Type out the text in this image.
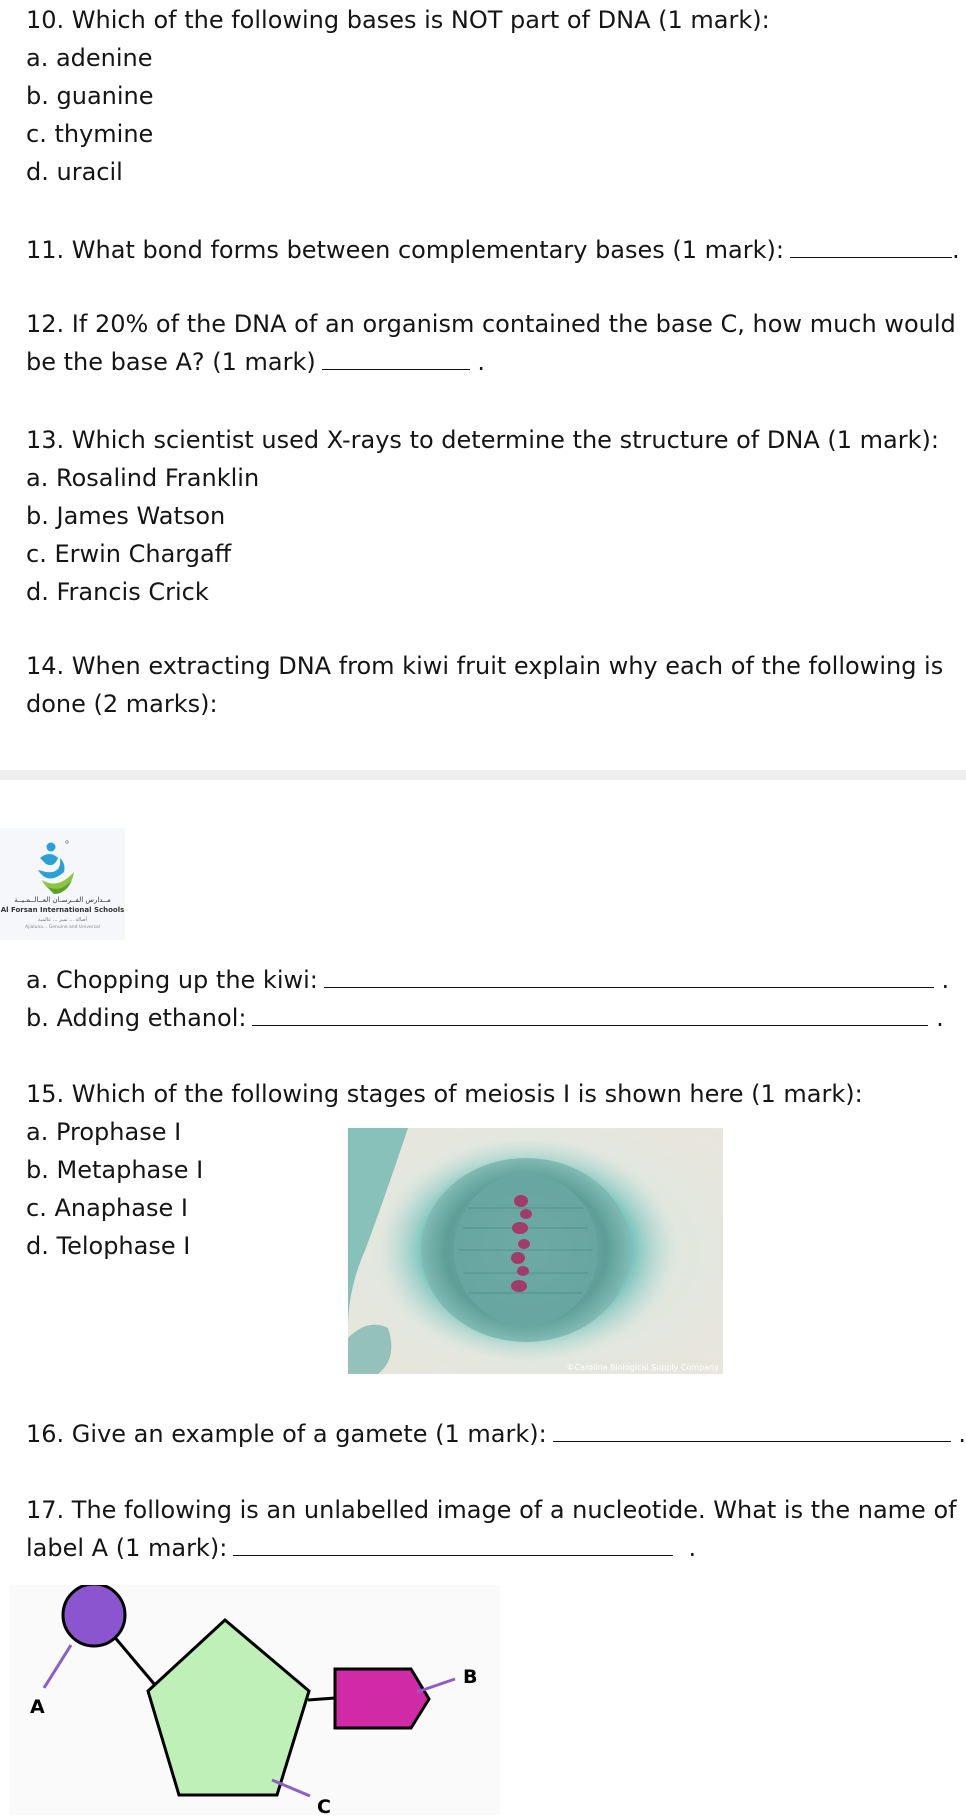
10. Which of the following bases is NOT part of DNA (1 mark):
a. adenine
b. guanine
c. thymine
d. uracil
11. What bond forms between complementary bases (1 mark):	.
12. If 20% of the DNA of an organism contained the base C, how much would
be the base A? (1 mark)	.
13. Which scientist used X-rays to determine the structure of DNA (1 mark):
a. Rosalind Franklin
b. James Watson
c. Erwin Chargaff
d. Francis Crick
14. When extracting DNA from kiwi fruit explain why each of the following is
done (2 marks):
مــدارس الفــرسـان العــالــمـيــة
Al Forsan International Schools
أصالة ... تميز ... عالمية
Ajialuna... Genuine and Universal
a. Chopping up the kiwi:	.
b. Adding ethanol:	.
15. Which of the following stages of meiosis I is shown here (1 mark):
a. Prophase I
b. Metaphase I
c. Anaphase I
d. Telophase I
©Carolina Biological Supply Company
16. Give an example of a gamete (1 mark):	.
17. The following is an unlabelled image of a nucleotide. What is the name of
label A (1 mark):	.
A
B
C
